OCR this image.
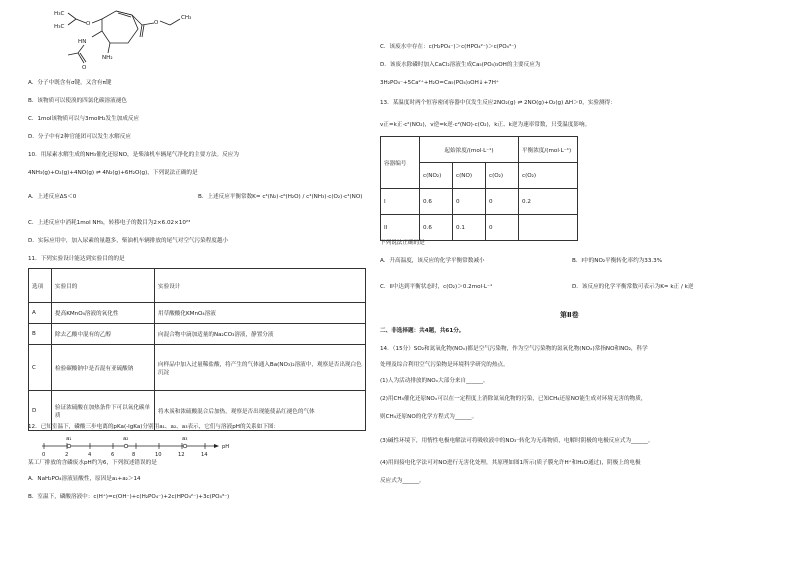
H₃C
H₃C	O
HN
NH₂
O
O
CH₃
A．分子中既含有σ键，又含有π键
B．该物质可以使溴的四氯化碳溶液褪色
C．1mol该物质可以与3molH₂发生加成反应
D．分子中有2种官能团可以发生水解反应
10．用尿素水解生成的NH₃催化还原NO，是柴油机车辆尾气净化的主要方法。反应为
4NH₃(g)+O₂(g)+4NO(g) ⇌ 4N₂(g)+6H₂O(g)，下列说法正确的是
A．上述反应ΔS＜0	B．上述反应平衡常数K= c⁴(N₂)·c⁶(H₂O) / c⁴(NH₃)·c(O₂)·c⁴(NO)
C．上述反应中消耗1mol NH₃，转移电子的数目为2×6.02×10²³
D．实际应用中，加入尿素的量越多，柴油机车辆排放的尾气对空气污染程度越小
11．下列实验设计能达到实验目的的是
选项	实验目的	实验设计
A	提高KMnO₄溶液的氧化性	用草酸酸化KMnO₄溶液
B	除去乙酸中混有的乙醇	向混合物中滴加适量的Na₂CO₃溶液，静置分液
C	检验碳酸钠中是否混有亚硫酸钠	向样品中加入过量稀盐酸，将产生的气体通入Ba(NO₃)₂溶液中，观察是否出现白色沉淀
D	验证浓硫酸在加热条件下可以氧化碳单质	将木炭和浓硫酸混合后加热，观察是否出现能使品红褪色的气体
12．已知室温下，磷酸三步电离的pKa(-lgKa)分别用a₁、a₂、a₃表示，它们与溶液pH的关系如下图：
a₁	a₂	a₃
0	2	4	6	8	10	12	14
pH
某工厂排放的含磷废水pH约为6，下列叙述错误的是
A．NaH₂PO₄溶液显酸性，原因是a₁+a₂＞14
B．室温下，磷酸溶液中：c(H⁺)=c(OH⁻)+c(H₂PO₄⁻)+2c(HPO₄²⁻)+3c(PO₄³⁻)
C．该废水中存在：c(H₂PO₄⁻)＞c(HPO₄²⁻)＞c(PO₄³⁻)
D．该废水除磷时加入CaCl₂溶液生成Ca₅(PO₄)₃OH的主要反应为
3H₂PO₄⁻+5Ca²⁺+H₂O=Ca₅(PO₄)₃OH↓+7H⁺
13．某温度时两个恒容密闭容器中仅发生反应2NO₂(g) ⇌ 2NO(g)+O₂(g) ΔH＞0，实验测得：
v正=k正·c²(NO₂)，v逆=k逆·c²(NO)·c(O₂)，k正、k逆为速率常数，只受温度影响。
容器编号	起始浓度/(mol·L⁻¹)			平衡浓度/(mol·L⁻¹)
	c(NO₂)	c(NO)	c(O₂)	c(O₂)
I	0.6	0	0	0.2
II	0.6	0.1	0	
下列说法正确的是
A．升高温度，该反应的化学平衡常数减小	B．I中的NO₂平衡转化率约为33.3%
C．II中达到平衡状态时，c(O₂)＞0.2mol·L⁻¹	D．该反应的化学平衡常数可表示为K= k正 / k逆
第Ⅱ卷
二、非选择题：共4题，共61分。
14．（15分）SO₂和氮氧化物(NOₓ)都是空气污染物，作为空气污染物的氮氧化物(NOₓ)常指NO和NO₂，科学
处理及综合利用空气污染物是环境科学研究的热点。
(1)人为活动排放的NOₓ大部分来自______。
(2)用CH₄催化还原NOₓ可以在一定程度上消除氮氧化物的污染，已知CH₄还原NO能生成对环境无害的物质，
则CH₄还原NO的化学方程式为______。
(3)碱性环境下，用惰性电极电解法可将吸收液中的NO₃⁻转化为无毒物质，电解时阴极的电极反应式为______。
(4)用间接电化学法可对NO进行无害化处理，其原理如图1所示(质子膜允许H⁺和H₂O通过)，阴极上的电极
反应式为______。
